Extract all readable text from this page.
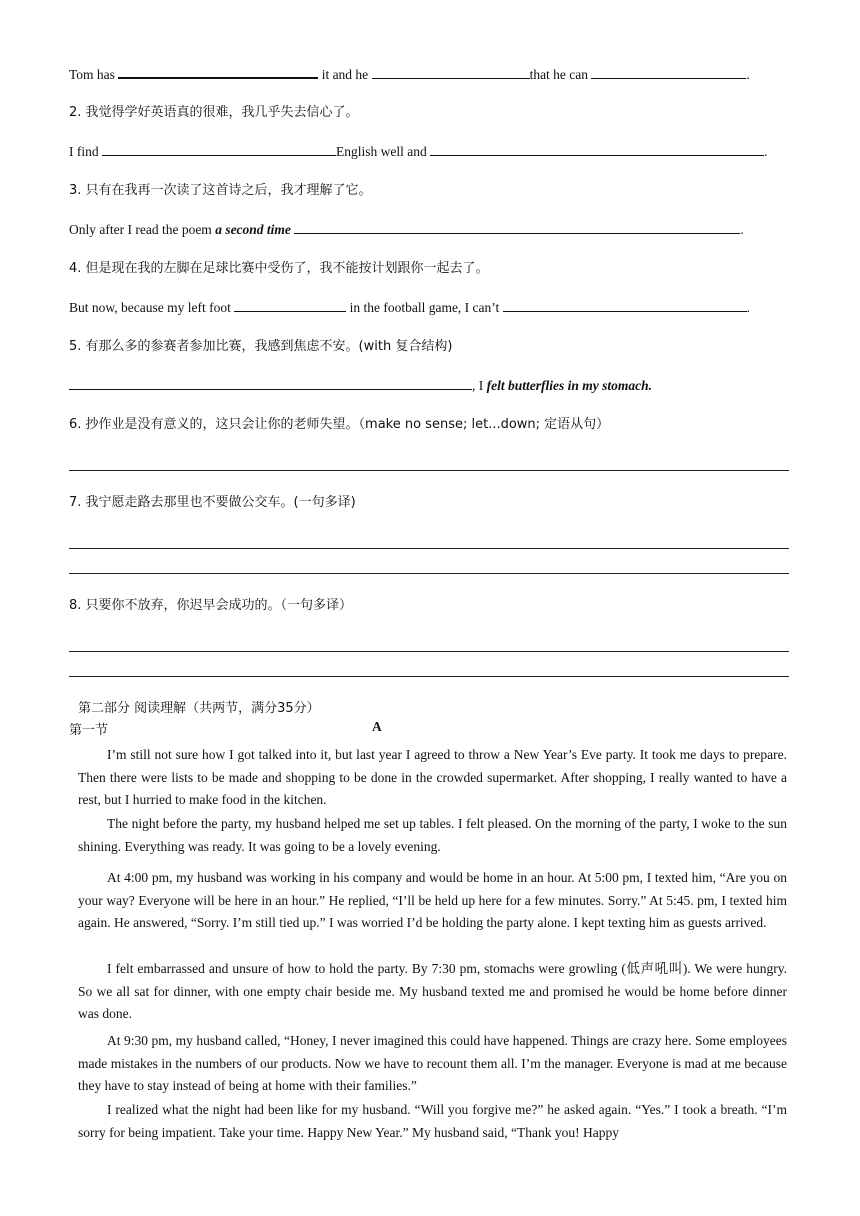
Tom has	it and he	that he can	.
2. 我觉得学好英语真的很难，我几乎失去信心了。
I find	English well and	.
3. 只有在我再一次读了这首诗之后，我才理解了它。
Only after I read the poem a second time	.
4. 但是现在我的左脚在足球比赛中受伤了，我不能按计划跟你一起去了。
But now, because my left foot	in the football game, I can’t	.
5. 有那么多的参赛者参加比赛，我感到焦虑不安。(with 复合结构)
, I felt butterflies in my stomach.
6. 抄作业是没有意义的，这只会让你的老师失望。（make no sense; let...down; 定语从句）
7. 我宁愿走路去那里也不要做公交车。(一句多译)
8. 只要你不放弃，你迟早会成功的。（一句多译）
第二部分 阅读理解（共两节，满分35分）
第一节	A
I’m still not sure how I got talked into it, but last year I agreed to throw a New Year’s Eve party. It took me days to prepare. Then there were lists to be made and shopping to be done in the crowded supermarket. After shopping, I really wanted to have a rest, but I hurried to make food in the kitchen.
The night before the party, my husband helped me set up tables. I felt pleased. On the morning of the party, I woke to the sun shining. Everything was ready. It was going to be a lovely evening.
At 4:00 pm, my husband was working in his company and would be home in an hour. At 5:00 pm, I texted him, “Are you on your way? Everyone will be here in an hour.” He replied, “I’ll be held up here for a few minutes. Sorry.” At 5:45. pm, I texted him again. He answered, “Sorry. I’m still tied up.” I was worried I’d be holding the party alone. I kept texting him as guests arrived.
I felt embarrassed and unsure of how to hold the party. By 7:30 pm, stomachs were growling (低声吼叫). We were hungry. So we all sat for dinner, with one empty chair beside me. My husband texted me and promised he would be home before dinner was done.
At 9:30 pm, my husband called, “Honey, I never imagined this could have happened. Things are crazy here. Some employees made mistakes in the numbers of our products. Now we have to recount them all. I’m the manager. Everyone is mad at me because they have to stay instead of being at home with their families.”
I realized what the night had been like for my husband. “Will you forgive me?” he asked again. “Yes.” I took a breath. “I’m sorry for being impatient. Take your time. Happy New Year.” My husband said, “Thank you! Happy
